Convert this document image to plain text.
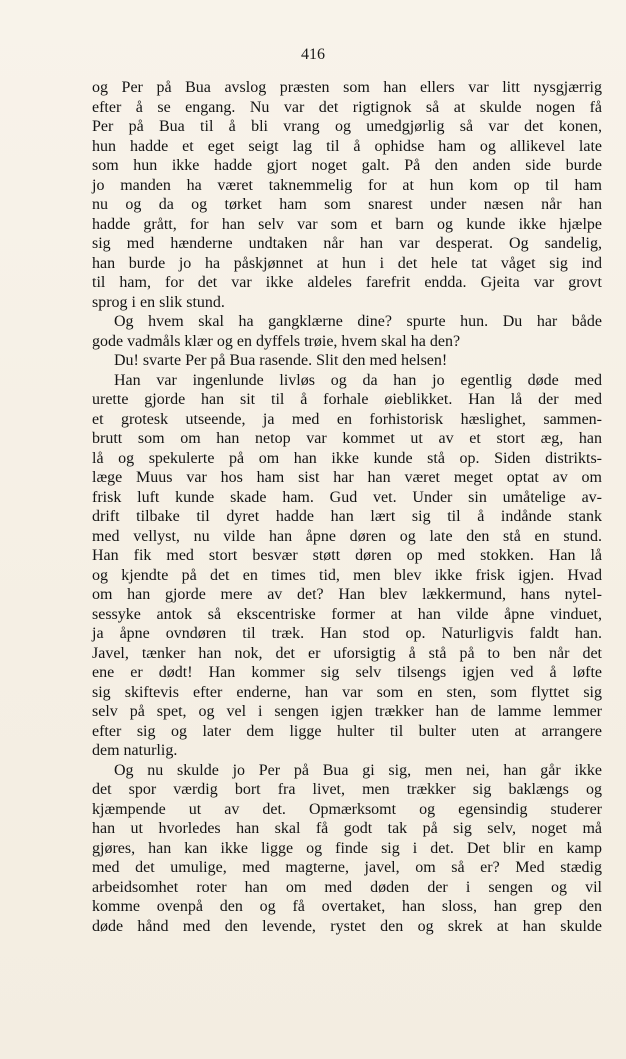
416
og Per på Bua avslog præsten som han ellers var litt nysgjærrig
efter å se engang. Nu var det rigtignok så at skulde nogen få
Per på Bua til å bli vrang og umedgjørlig så var det konen,
hun hadde et eget seigt lag til å ophidse ham og allikevel late
som hun ikke hadde gjort noget galt. På den anden side burde
jo manden ha været taknemmelig for at hun kom op til ham
nu og da og tørket ham som snarest under næsen når han
hadde grått, for han selv var som et barn og kunde ikke hjælpe
sig med hænderne undtaken når han var desperat. Og sandelig,
han burde jo ha påskjønnet at hun i det hele tat våget sig ind
til ham, for det var ikke aldeles farefrit endda. Gjeita var grovt
sprog i en slik stund.
Og hvem skal ha gangklærne dine? spurte hun. Du har både
gode vadmåls klær og en dyffels trøie, hvem skal ha den?
Du! svarte Per på Bua rasende. Slit den med helsen!
Han var ingenlunde livløs og da han jo egentlig døde med
urette gjorde han sit til å forhale øieblikket. Han lå der med
et grotesk utseende, ja med en forhistorisk hæslighet, sammen-
brutt som om han netop var kommet ut av et stort æg, han
lå og spekulerte på om han ikke kunde stå op. Siden distrikts-
læge Muus var hos ham sist har han været meget optat av om
frisk luft kunde skade ham. Gud vet. Under sin umåtelige av-
drift tilbake til dyret hadde han lært sig til å indånde stank
med vellyst, nu vilde han åpne døren og late den stå en stund.
Han fik med stort besvær støtt døren op med stokken. Han lå
og kjendte på det en times tid, men blev ikke frisk igjen. Hvad
om han gjorde mere av det? Han blev lækkermund, hans nytel-
sessyke antok så ekscentriske former at han vilde åpne vinduet,
ja åpne ovndøren til træk. Han stod op. Naturligvis faldt han.
Javel, tænker han nok, det er uforsigtig å stå på to ben når det
ene er dødt! Han kommer sig selv tilsengs igjen ved å løfte
sig skiftevis efter enderne, han var som en sten, som flyttet sig
selv på spet, og vel i sengen igjen trækker han de lamme lemmer
efter sig og later dem ligge hulter til bulter uten at arrangere
dem naturlig.
Og nu skulde jo Per på Bua gi sig, men nei, han går ikke
det spor værdig bort fra livet, men trækker sig baklængs og
kjæmpende ut av det. Opmærksomt og egensindig studerer
han ut hvorledes han skal få godt tak på sig selv, noget må
gjøres, han kan ikke ligge og finde sig i det. Det blir en kamp
med det umulige, med magterne, javel, om så er? Med stædig
arbeidsomhet roter han om med døden der i sengen og vil
komme ovenpå den og få overtaket, han sloss, han grep den
døde hånd med den levende, rystet den og skrek at han skulde
